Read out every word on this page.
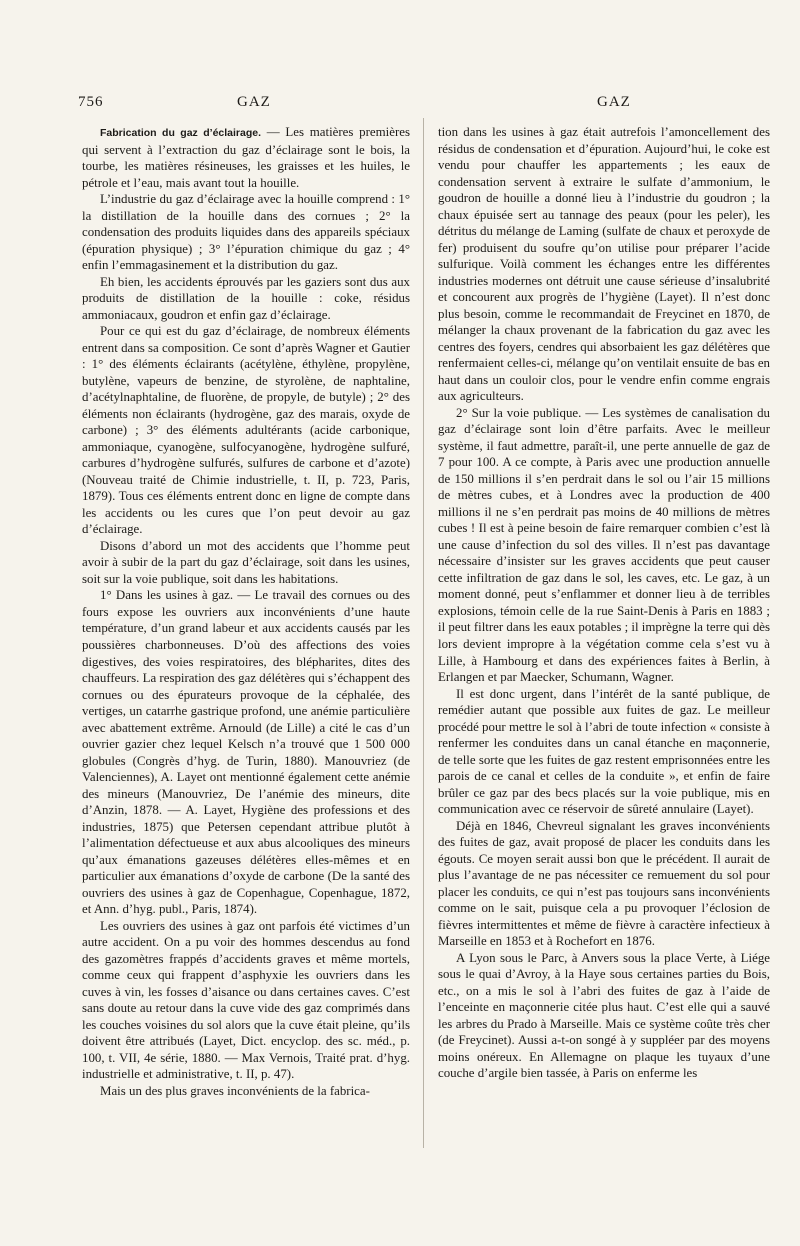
756	GAZ	GAZ

Fabrication du gaz d’éclairage. — Les matières premières qui servent à l’extraction du gaz d’éclairage sont le bois, la tourbe, les matières résineuses, les graisses et les huiles, le pétrole et l’eau, mais avant tout la houille.

L’industrie du gaz d’éclairage avec la houille comprend : 1° la distillation de la houille dans des cornues ; 2° la condensation des produits liquides dans des appareils spéciaux (épuration physique) ; 3° l’épuration chimique du gaz ; 4° enfin l’emmagasinement et la distribution du gaz.

Eh bien, les accidents éprouvés par les gaziers sont dus aux produits de distillation de la houille : coke, résidus ammoniacaux, goudron et enfin gaz d’éclairage.

Pour ce qui est du gaz d’éclairage, de nombreux éléments entrent dans sa composition. Ce sont d’après Wagner et Gautier : 1° des éléments éclairants (acétylène, éthylène, propylène, butylène, vapeurs de benzine, de styrolène, de naphtaline, d’acétylnaphtaline, de fluorène, de propyle, de butyle) ; 2° des éléments non éclairants (hydrogène, gaz des marais, oxyde de carbone) ; 3° des éléments adultérants (acide carbonique, ammoniaque, cyanogène, sulfocyanogène, hydrogène sulfuré, carbures d’hydrogène sulfurés, sulfures de carbone et d’azote) (Nouveau traité de Chimie industrielle, t. II, p. 723, Paris, 1879). Tous ces éléments entrent donc en ligne de compte dans les accidents ou les cures que l’on peut devoir au gaz d’éclairage.

Disons d’abord un mot des accidents que l’homme peut avoir à subir de la part du gaz d’éclairage, soit dans les usines, soit sur la voie publique, soit dans les habitations.

1° Dans les usines à gaz. — Le travail des cornues ou des fours expose les ouvriers aux inconvénients d’une haute température, d’un grand labeur et aux accidents causés par les poussières charbonneuses. D’où des affections des voies digestives, des voies respiratoires, des blépharites, dites des chauffeurs. La respiration des gaz délétères qui s’échappent des cornues ou des épurateurs provoque de la céphalée, des vertiges, un catarrhe gastrique profond, une anémie particulière avec abattement extrême. Arnould (de Lille) a cité le cas d’un ouvrier gazier chez lequel Kelsch n’a trouvé que 1 500 000 globules (Congrès d’hyg. de Turin, 1880). Manouvriez (de Valenciennes), A. Layet ont mentionné également cette anémie des mineurs (Manouvriez, De l’anémie des mineurs, dite d’Anzin, 1878. — A. Layet, Hygiène des professions et des industries, 1875) que Petersen cependant attribue plutôt à l’alimentation défectueuse et aux abus alcooliques des mineurs qu’aux émanations gazeuses délétères elles-mêmes et en particulier aux émanations d’oxyde de carbone (De la santé des ouvriers des usines à gaz de Copenhague, Copenhague, 1872, et Ann. d’hyg. publ., Paris, 1874).

Les ouvriers des usines à gaz ont parfois été victimes d’un autre accident. On a pu voir des hommes descendus au fond des gazomètres frappés d’accidents graves et même mortels, comme ceux qui frappent d’asphyxie les ouvriers dans les cuves à vin, les fosses d’aisance ou dans certaines caves. C’est sans doute au retour dans la cuve vide des gaz comprimés dans les couches voisines du sol alors que la cuve était pleine, qu’ils doivent être attribués (Layet, Dict. encyclop. des sc. méd., p. 100, t. VII, 4e série, 1880. — Max Vernois, Traité prat. d’hyg. industrielle et administrative, t. II, p. 47).

Mais un des plus graves inconvénients de la fabrica-

tion dans les usines à gaz était autrefois l’amoncellement des résidus de condensation et d’épuration. Aujourd’hui, le coke est vendu pour chauffer les appartements ; les eaux de condensation servent à extraire le sulfate d’ammonium, le goudron de houille a donné lieu à l’industrie du goudron ; la chaux épuisée sert au tannage des peaux (pour les peler), les détritus du mélange de Laming (sulfate de chaux et peroxyde de fer) produisent du soufre qu’on utilise pour préparer l’acide sulfurique. Voilà comment les échanges entre les différentes industries modernes ont détruit une cause sérieuse d’insalubrité et concourent aux progrès de l’hygiène (Layet). Il n’est donc plus besoin, comme le recommandait de Freycinet en 1870, de mélanger la chaux provenant de la fabrication du gaz avec les centres des foyers, cendres qui absorbaient les gaz délétères que renfermaient celles-ci, mélange qu’on ventilait ensuite de bas en haut dans un couloir clos, pour le vendre enfin comme engrais aux agriculteurs.

2° Sur la voie publique. — Les systèmes de canalisation du gaz d’éclairage sont loin d’être parfaits. Avec le meilleur système, il faut admettre, paraît-il, une perte annuelle de gaz de 7 pour 100. A ce compte, à Paris avec une production annuelle de 150 millions il s’en perdrait dans le sol ou l’air 15 millions de mètres cubes, et à Londres avec la production de 400 millions il ne s’en perdrait pas moins de 40 millions de mètres cubes ! Il est à peine besoin de faire remarquer combien c’est là une cause d’infection du sol des villes. Il n’est pas davantage nécessaire d’insister sur les graves accidents que peut causer cette infiltration de gaz dans le sol, les caves, etc. Le gaz, à un moment donné, peut s’enflammer et donner lieu à de terribles explosions, témoin celle de la rue Saint-Denis à Paris en 1883 ; il peut filtrer dans les eaux potables ; il imprègne la terre qui dès lors devient impropre à la végétation comme cela s’est vu à Lille, à Hambourg et dans des expériences faites à Berlin, à Erlangen et par Maecker, Schumann, Wagner.

Il est donc urgent, dans l’intérêt de la santé publique, de remédier autant que possible aux fuites de gaz. Le meilleur procédé pour mettre le sol à l’abri de toute infection « consiste à renfermer les conduites dans un canal étanche en maçonnerie, de telle sorte que les fuites de gaz restent emprisonnées entre les parois de ce canal et celles de la conduite », et enfin de faire brûler ce gaz par des becs placés sur la voie publique, mis en communication avec ce réservoir de sûreté annulaire (Layet).

Déjà en 1846, Chevreul signalant les graves inconvénients des fuites de gaz, avait proposé de placer les conduits dans les égouts. Ce moyen serait aussi bon que le précédent. Il aurait de plus l’avantage de ne pas nécessiter ce remuement du sol pour placer les conduits, ce qui n’est pas toujours sans inconvénients comme on le sait, puisque cela a pu provoquer l’éclosion de fièvres intermittentes et même de fièvre à caractère infectieux à Marseille en 1853 et à Rochefort en 1876.

A Lyon sous le Parc, à Anvers sous la place Verte, à Liége sous le quai d’Avroy, à la Haye sous certaines parties du Bois, etc., on a mis le sol à l’abri des fuites de gaz à l’aide de l’enceinte en maçonnerie citée plus haut. C’est elle qui a sauvé les arbres du Prado à Marseille. Mais ce système coûte très cher (de Freycinet). Aussi a-t-on songé à y suppléer par des moyens moins onéreux. En Allemagne on plaque les tuyaux d’une couche d’argile bien tassée, à Paris on enferme les
